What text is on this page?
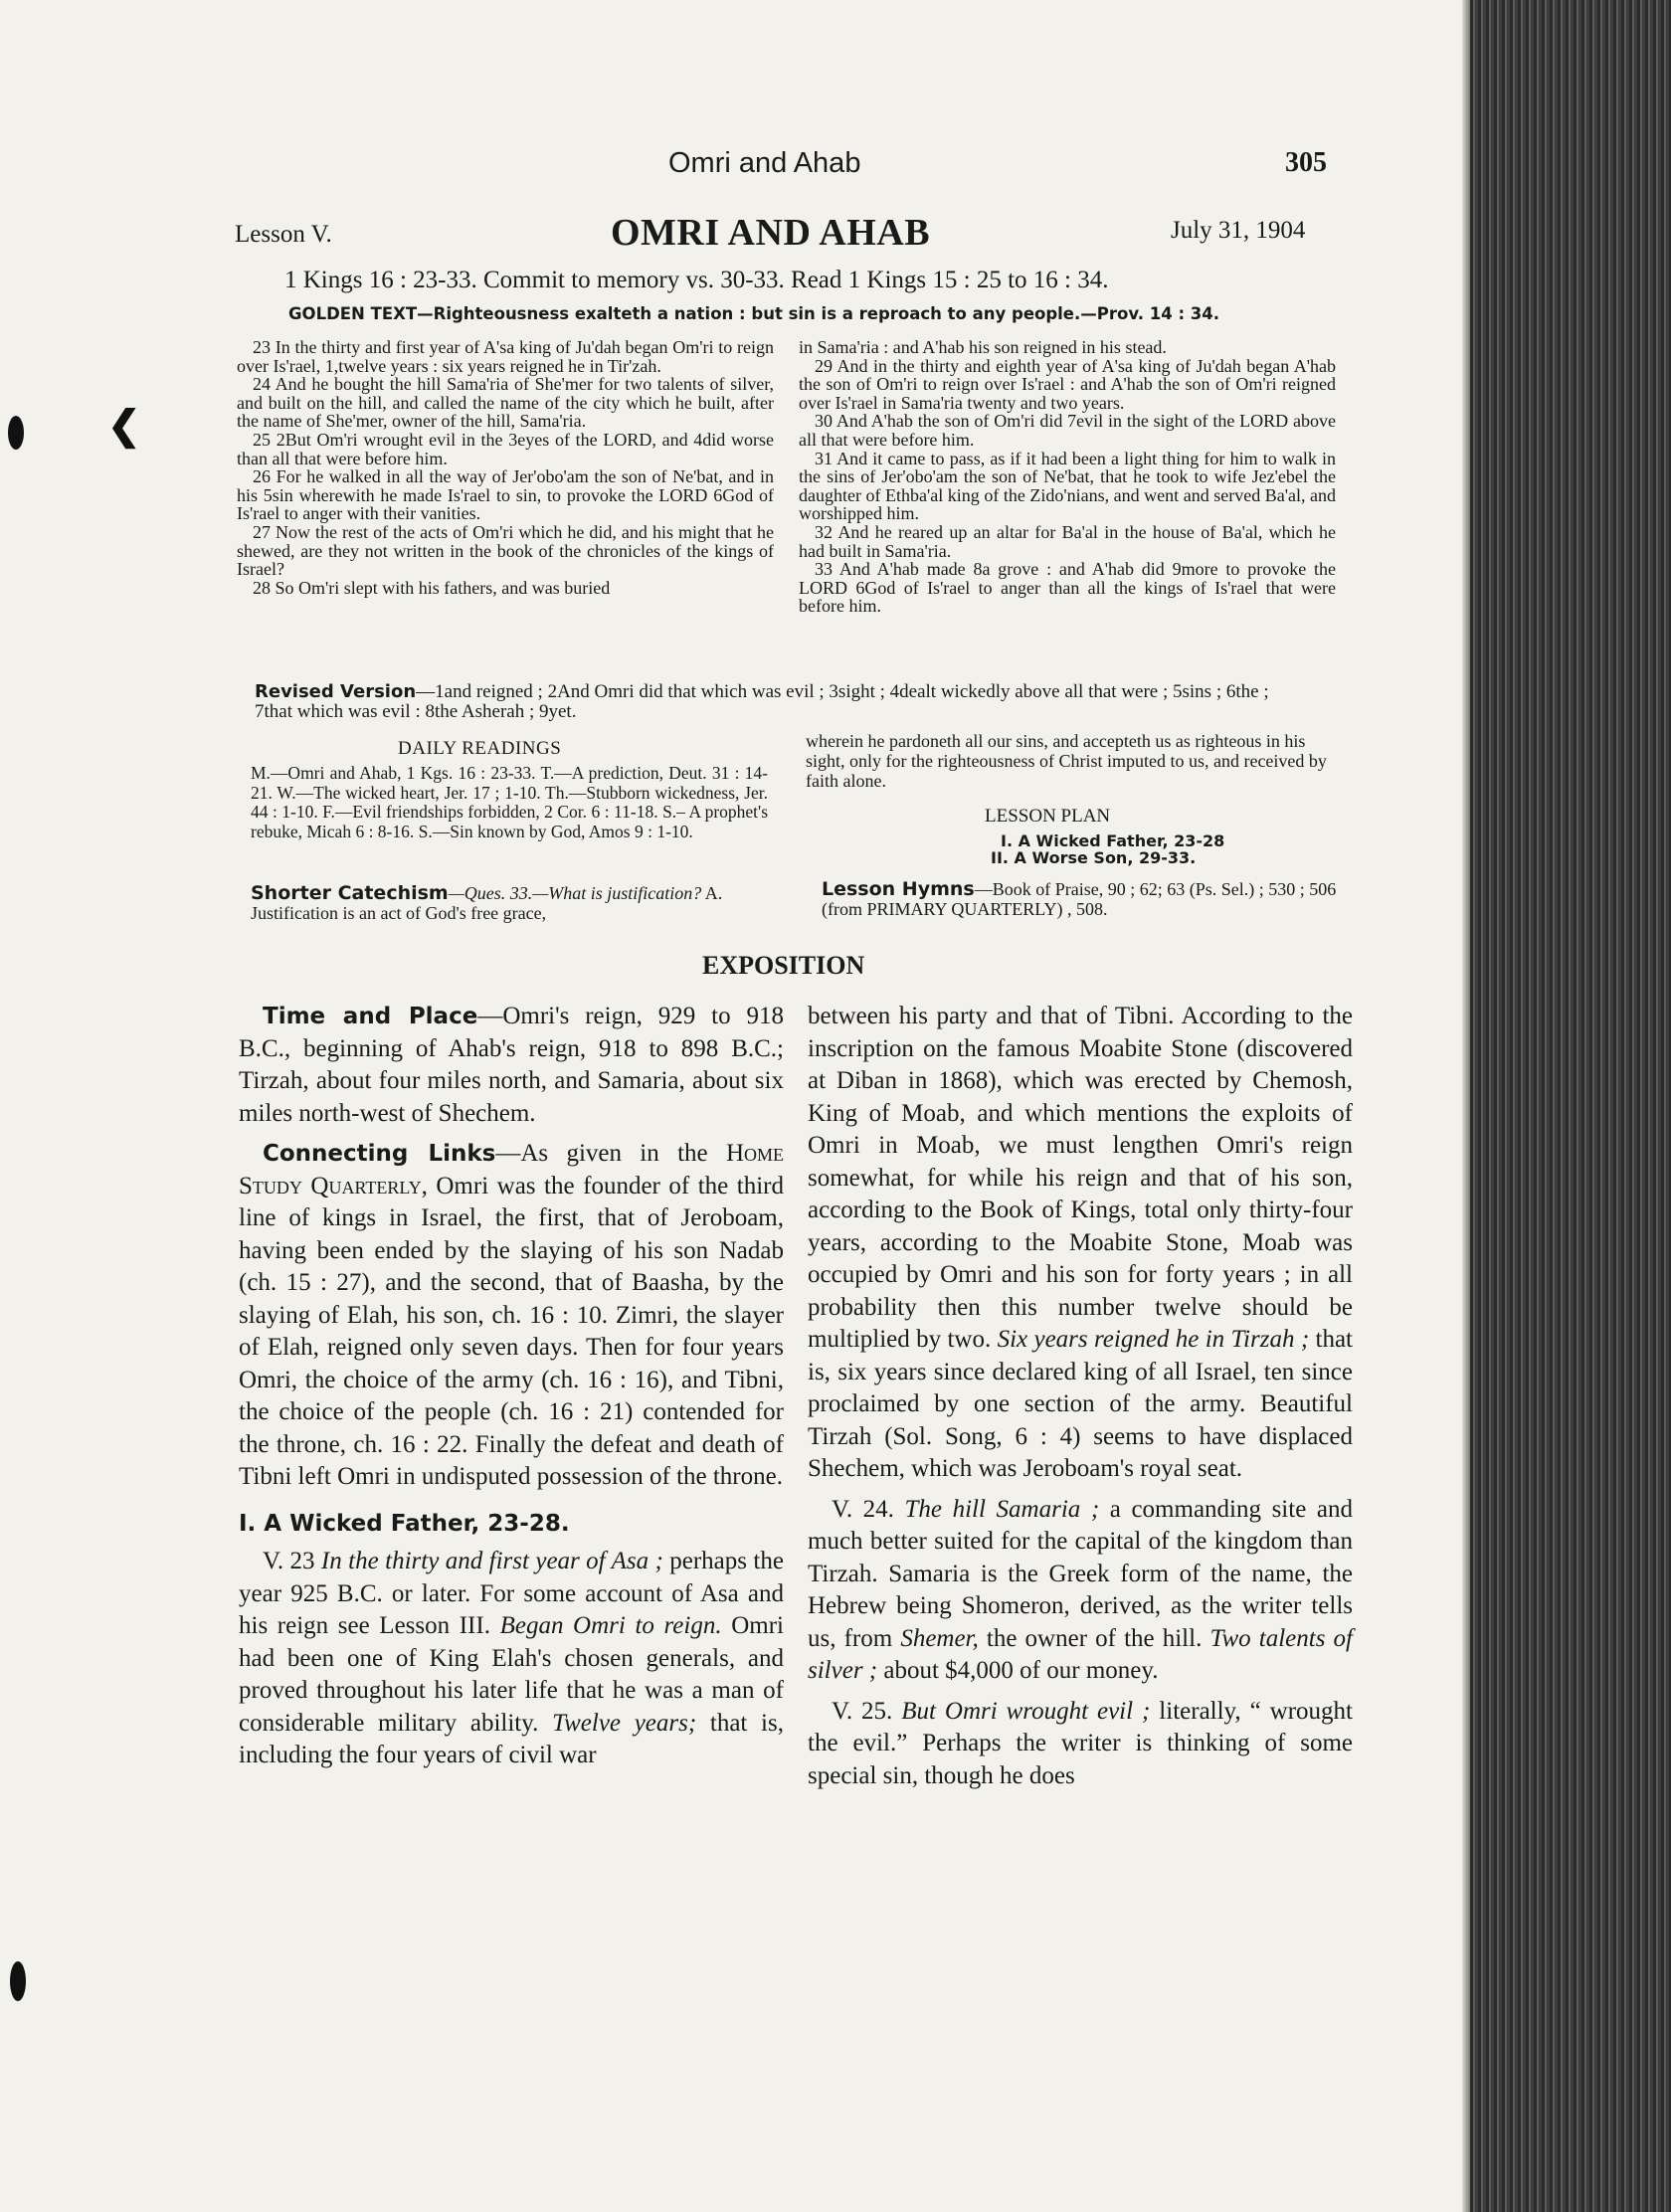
❮
Omri and Ahab	305
Lesson V.	OMRI AND AHAB	July 31, 1904
1 Kings 16 : 23-33. Commit to memory vs. 30-33. Read 1 Kings 15 : 25 to 16 : 34.
GOLDEN TEXT—Righteousness exalteth a nation : but sin is a reproach to any people.—Prov. 14 : 34.

23 In the thirty and first year of A'sa king of Ju'dah began Om'ri to reign over Is'rael, 1,twelve years : six years reigned he in Tir'zah.

24 And he bought the hill Sama'ria of She'mer for two talents of silver, and built on the hill, and called the name of the city which he built, after the name of She'mer, owner of the hill, Sama'ria.

25 2But Om'ri wrought evil in the 3eyes of the LORD, and 4did worse than all that were before him.

26 For he walked in all the way of Jer'obo'am the son of Ne'bat, and in his 5sin wherewith he made Is'rael to sin, to provoke the LORD 6God of Is'rael to anger with their vanities.

27 Now the rest of the acts of Om'ri which he did, and his might that he shewed, are they not written in the book of the chronicles of the kings of Israel?

28 So Om'ri slept with his fathers, and was buried

in Sama'ria : and A'hab his son reigned in his stead.

29 And in the thirty and eighth year of A'sa king of Ju'dah began A'hab the son of Om'ri to reign over Is'rael : and A'hab the son of Om'ri reigned over Is'rael in Sama'ria twenty and two years.

30 And A'hab the son of Om'ri did 7evil in the sight of the LORD above all that were before him.

31 And it came to pass, as if it had been a light thing for him to walk in the sins of Jer'obo'am the son of Ne'bat, that he took to wife Jez'ebel the daughter of Ethba'al king of the Zido'nians, and went and served Ba'al, and worshipped him.

32 And he reared up an altar for Ba'al in the house of Ba'al, which he had built in Sama'ria.

33 And A'hab made 8a grove : and A'hab did 9more to provoke the LORD 6God of Is'rael to anger than all the kings of Is'rael that were before him.

Revised Version—1and reigned ; 2And Omri did that which was evil ; 3sight ; 4dealt wickedly above all that were ; 5sins ; 6the ; 7that which was evil : 8the Asherah ; 9yet.
DAILY READINGS
M.—Omri and Ahab, 1 Kgs. 16 : 23-33. T.—A prediction, Deut. 31 : 14-21. W.—The wicked heart, Jer. 17 ; 1-10. Th.—Stubborn wickedness, Jer. 44 : 1-10. F.—Evil friendships forbidden, 2 Cor. 6 : 11-18. S.– A prophet's rebuke, Micah 6 : 8-16. S.—Sin known by God, Amos 9 : 1-10.
Shorter Catechism—Ques. 33.—What is justification? A. Justification is an act of God's free grace,
wherein he pardoneth all our sins, and accepteth us as righteous in his sight, only for the righteousness of Christ imputed to us, and received by faith alone.
LESSON PLAN
I. A Wicked Father, 23-28
II. A Worse Son, 29-33.
Lesson Hymns—Book of Praise, 90 ; 62; 63 (Ps. Sel.) ; 530 ; 506 (from PRIMARY QUARTERLY) , 508.
EXPOSITION

Time and Place—Omri's reign, 929 to 918 B.C., beginning of Ahab's reign, 918 to 898 B.C.; Tirzah, about four miles north, and Samaria, about six miles north-west of Shechem.

Connecting Links—As given in the Home Study Quarterly, Omri was the founder of the third line of kings in Israel, the first, that of Jeroboam, having been ended by the slaying of his son Nadab (ch. 15 : 27), and the second, that of Baasha, by the slaying of Elah, his son, ch. 16 : 10. Zimri, the slayer of Elah, reigned only seven days. Then for four years Omri, the choice of the army (ch. 16 : 16), and Tibni, the choice of the people (ch. 16 : 21) contended for the throne, ch. 16 : 22. Finally the defeat and death of Tibni left Omri in undisputed possession of the throne.

I. A Wicked Father, 23-28.

V. 23 In the thirty and first year of Asa ; perhaps the year 925 B.C. or later. For some account of Asa and his reign see Lesson III. Began Omri to reign. Omri had been one of King Elah's chosen generals, and proved throughout his later life that he was a man of considerable military ability. Twelve years; that is, including the four years of civil war

between his party and that of Tibni. According to the inscription on the famous Moabite Stone (discovered at Diban in 1868), which was erected by Chemosh, King of Moab, and which mentions the exploits of Omri in Moab, we must lengthen Omri's reign somewhat, for while his reign and that of his son, according to the Book of Kings, total only thirty-four years, according to the Moabite Stone, Moab was occupied by Omri and his son for forty years ; in all probability then this number twelve should be multiplied by two. Six years reigned he in Tirzah ; that is, six years since declared king of all Israel, ten since proclaimed by one section of the army. Beautiful Tirzah (Sol. Song, 6 : 4) seems to have displaced Shechem, which was Jeroboam's royal seat.

V. 24. The hill Samaria ; a commanding site and much better suited for the capital of the kingdom than Tirzah. Samaria is the Greek form of the name, the Hebrew being Shomeron, derived, as the writer tells us, from Shemer, the owner of the hill. Two talents of silver ; about $4,000 of our money.

V. 25. But Omri wrought evil ; literally, “ wrought the evil.” Perhaps the writer is thinking of some special sin, though he does
